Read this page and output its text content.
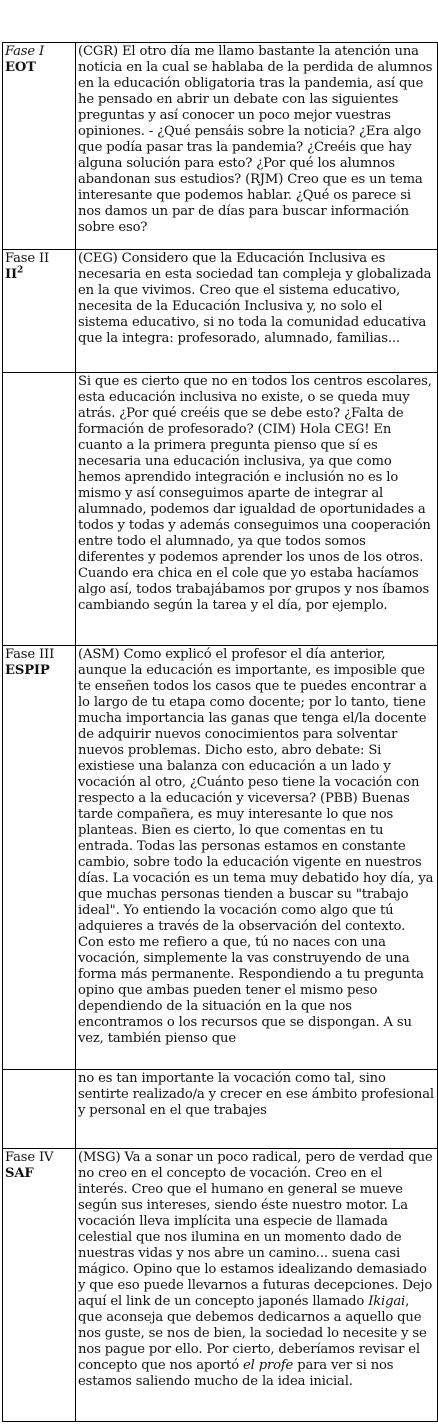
Fase I
EOT	(CGR) El otro día me llamo bastante la atención una noticia en la cual se hablaba de la perdida de alumnos en la educación obligatoria tras la pandemia, así que he pensado en abrir un debate con las siguientes preguntas y así conocer un poco mejor vuestras opiniones. - ¿Qué pensáis sobre la noticia? ¿Era algo que podía pasar tras la pandemia? ¿Creéis que hay alguna solución para esto? ¿Por qué los alumnos abandonan sus estudios? (RJM) Creo que es un tema interesante que podemos hablar. ¿Qué os parece si nos damos un par de días para buscar información sobre eso?

Fase II
$II^2$	(CEG) Considero que la Educación Inclusiva es necesaria en esta sociedad tan compleja y globalizada en la que vivimos. Creo que el sistema educativo, necesita de la Educación Inclusiva y, no solo el sistema educativo, si no toda la comunidad educativa que la integra: profesorado, alumnado, familias...

	Si que es cierto que no en todos los centros escolares, esta educación inclusiva no existe, o se queda muy atrás. ¿Por qué creéis que se debe esto? ¿Falta de formación de profesorado? (CIM) Hola CEG! En cuanto a la primera pregunta pienso que sí es necesaria una educación inclusiva, ya que como hemos aprendido integración e inclusión no es lo mismo y así conseguimos aparte de integrar al alumnado, podemos dar igualdad de oportunidades a todos y todas y además conseguimos una cooperación entre todo el alumnado, ya que todos somos diferentes y podemos aprender los unos de los otros. Cuando era chica en el cole que yo estaba hacíamos algo así, todos trabajábamos por grupos y nos íbamos cambiando según la tarea y el día, por ejemplo.

Fase III
ESPIP	(ASM) Como explicó el profesor el día anterior, aunque la educación es importante, es imposible que te enseñen todos los casos que te puedes encontrar a lo largo de tu etapa como docente; por lo tanto, tiene mucha importancia las ganas que tenga el/la docente de adquirir nuevos conocimientos para solventar nuevos problemas. Dicho esto, abro debate: Si existiese una balanza con educación a un lado y vocación al otro, ¿Cuánto peso tiene la vocación con respecto a la educación y viceversa? (PBB) Buenas tarde compañera, es muy interesante lo que nos planteas. Bien es cierto, lo que comentas en tu entrada. Todas las personas estamos en constante cambio, sobre todo la educación vigente en nuestros días. La vocación es un tema muy debatido hoy día, ya que muchas personas tienden a buscar su "trabajo ideal". Yo entiendo la vocación como algo que tú adquieres a través de la observación del contexto. Con esto me refiero a que, tú no naces con una vocación, simplemente la vas construyendo de una forma más permanente. Respondiendo a tu pregunta opino que ambas pueden tener el mismo peso dependiendo de la situación en la que nos encontramos o los recursos que se dispongan. A su vez, también pienso que

	no es tan importante la vocación como tal, sino sentirte realizado/a y crecer en ese ámbito profesional y personal en el que trabajes

Fase IV
SAF	(MSG) Va a sonar un poco radical, pero de verdad que no creo en el concepto de vocación. Creo en el interés. Creo que el humano en general se mueve según sus intereses, siendo éste nuestro motor. La vocación lleva implícita una especie de llamada celestial que nos ilumina en un momento dado de nuestras vidas y nos abre un camino... suena casi mágico. Opino que lo estamos idealizando demasiado y que eso puede llevarnos a futuras decepciones. Dejo aquí el link de un concepto japonés llamado Ikigai, que aconseja que debemos dedicarnos a aquello que nos guste, se nos de bien, la sociedad lo necesite y se nos pague por ello. Por cierto, deberíamos revisar el concepto que nos aportó el profe para ver si nos estamos saliendo mucho de la idea inicial.
